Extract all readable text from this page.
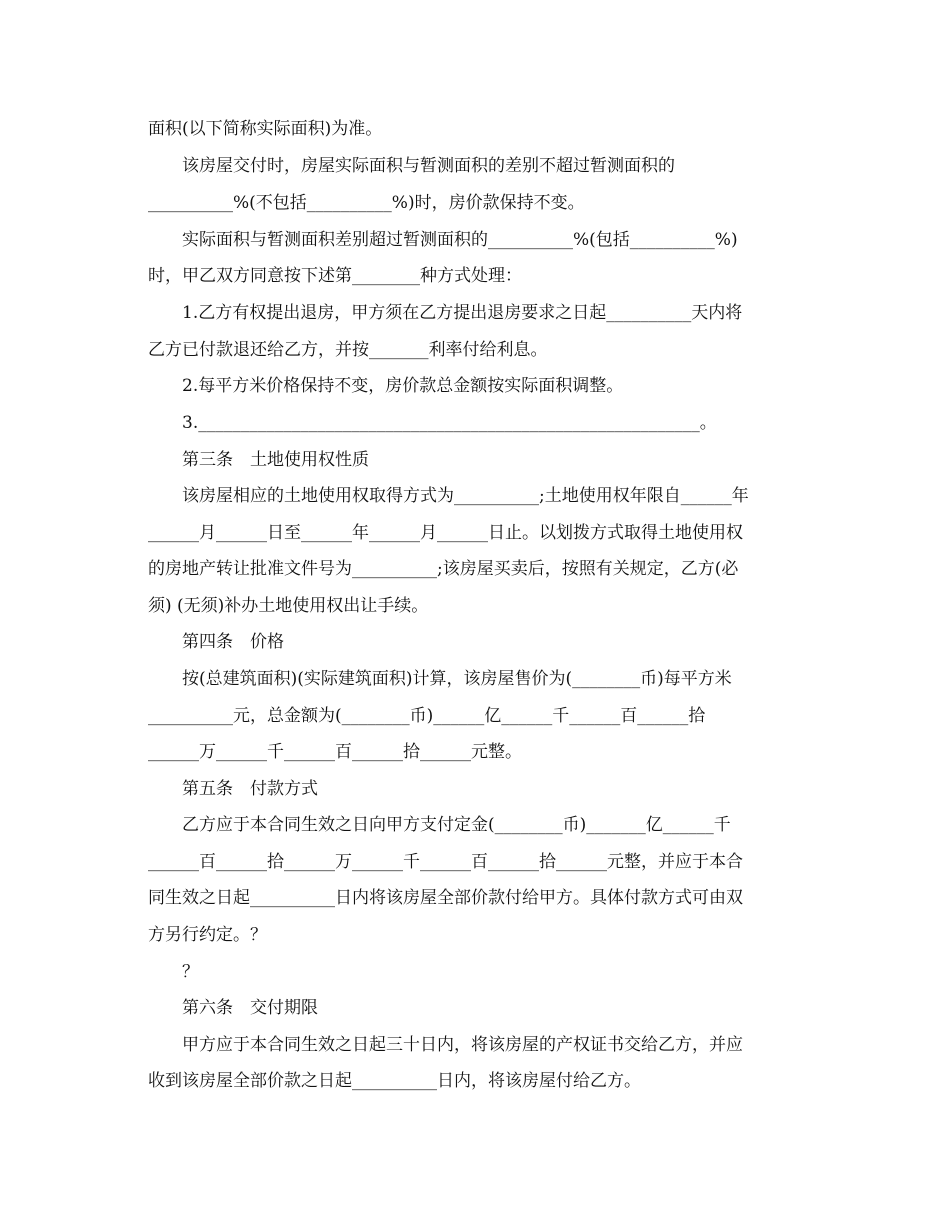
面积(以下简称实际面积)为准。
该房屋交付时，房屋实际面积与暂测面积的差别不超过暂测面积的
__________%(不包括__________%)时，房价款保持不变。
实际面积与暂测面积差别超过暂测面积的__________%(包括__________%)
时，甲乙双方同意按下述第________种方式处理：
1.乙方有权提出退房，甲方须在乙方提出退房要求之日起__________天内将
乙方已付款退还给乙方，并按_______利率付给利息。
2.每平方米价格保持不变，房价款总金额按实际面积调整。
3.___________________________________________________________。
第三条　土地使用权性质
该房屋相应的土地使用权取得方式为__________;土地使用权年限自______年
______月______日至______年______月______日止。以划拨方式取得土地使用权
的房地产转让批准文件号为__________;该房屋买卖后，按照有关规定，乙方(必
须) (无须)补办土地使用权出让手续。
第四条　价格
按(总建筑面积)(实际建筑面积)计算，该房屋售价为(________币)每平方米
__________元，总金额为(________币)______亿______千______百______拾
______万______千______百______拾______元整。
第五条　付款方式
乙方应于本合同生效之日向甲方支付定金(________币)_______亿______千
______百______拾______万______千______百______拾______元整，并应于本合
同生效之日起__________日内将该房屋全部价款付给甲方。具体付款方式可由双
方另行约定。？
？
第六条　交付期限
甲方应于本合同生效之日起三十日内，将该房屋的产权证书交给乙方，并应
收到该房屋全部价款之日起__________日内，将该房屋付给乙方。
